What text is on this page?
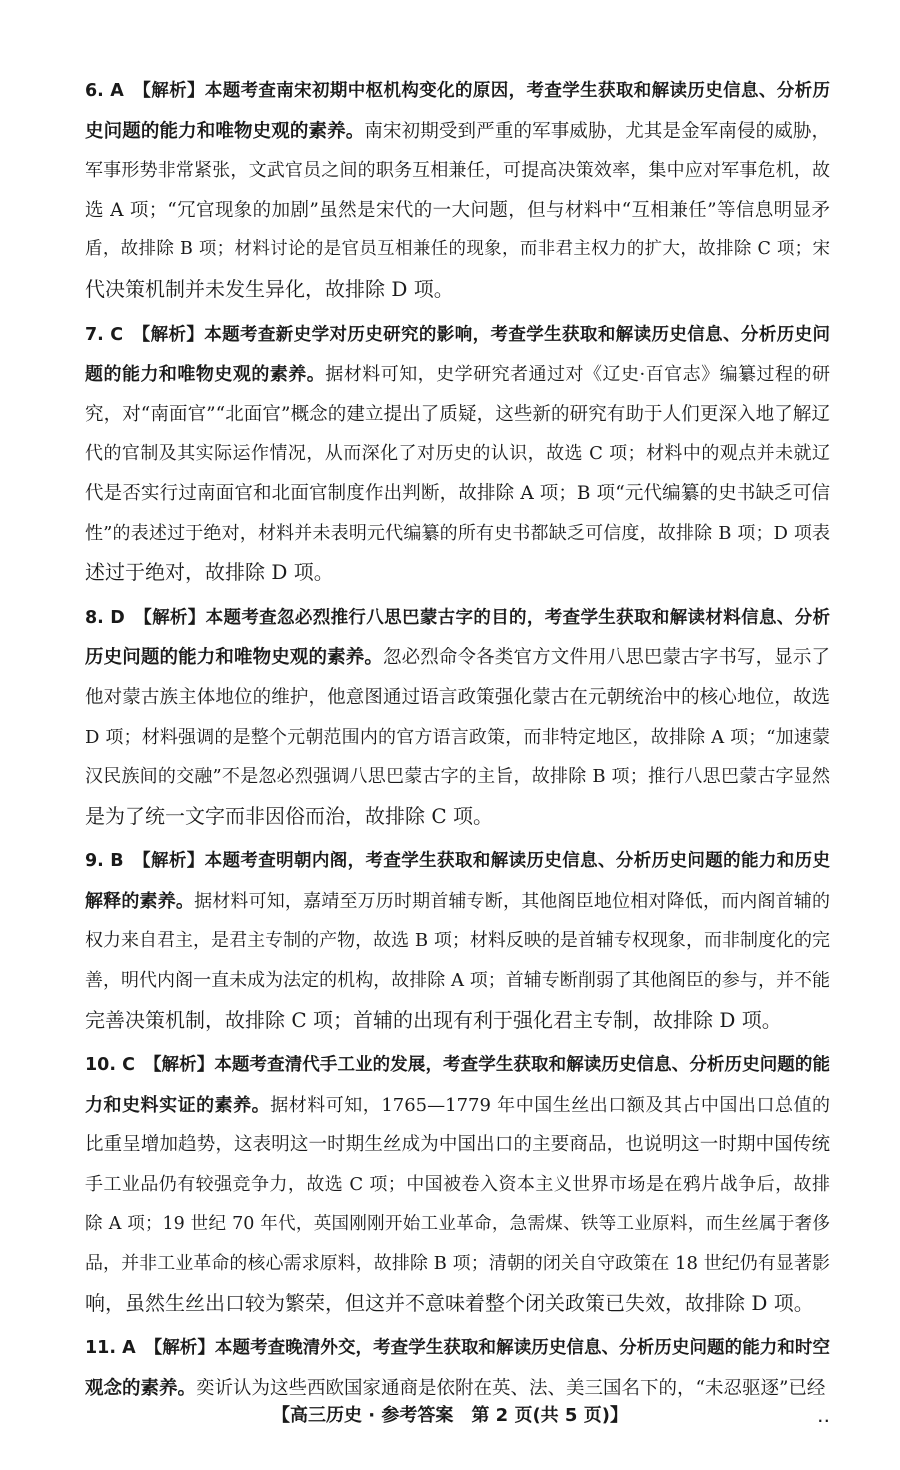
6. A　【解析】本题考查南宋初期中枢机构变化的原因，考查学生获取和解读历史信息、分析历
史问题的能力和唯物史观的素养。南宋初期受到严重的军事威胁，尤其是金军南侵的威胁，
军事形势非常紧张，文武官员之间的职务互相兼任，可提高决策效率，集中应对军事危机，故
选 A 项；“冗官现象的加剧”虽然是宋代的一大问题，但与材料中“互相兼任”等信息明显矛
盾，故排除 B 项；材料讨论的是官员互相兼任的现象，而非君主权力的扩大，故排除 C 项；宋
代决策机制并未发生异化，故排除 D 项。
7. C　【解析】本题考查新史学对历史研究的影响，考查学生获取和解读历史信息、分析历史问
题的能力和唯物史观的素养。据材料可知，史学研究者通过对《辽史·百官志》编纂过程的研
究，对“南面官”“北面官”概念的建立提出了质疑，这些新的研究有助于人们更深入地了解辽
代的官制及其实际运作情况，从而深化了对历史的认识，故选 C 项；材料中的观点并未就辽
代是否实行过南面官和北面官制度作出判断，故排除 A 项；B 项“元代编纂的史书缺乏可信
性”的表述过于绝对，材料并未表明元代编纂的所有史书都缺乏可信度，故排除 B 项；D 项表
述过于绝对，故排除 D 项。
8. D　【解析】本题考查忽必烈推行八思巴蒙古字的目的，考查学生获取和解读材料信息、分析
历史问题的能力和唯物史观的素养。忽必烈命令各类官方文件用八思巴蒙古字书写，显示了
他对蒙古族主体地位的维护，他意图通过语言政策强化蒙古在元朝统治中的核心地位，故选
D 项；材料强调的是整个元朝范围内的官方语言政策，而非特定地区，故排除 A 项；“加速蒙
汉民族间的交融”不是忽必烈强调八思巴蒙古字的主旨，故排除 B 项；推行八思巴蒙古字显然
是为了统一文字而非因俗而治，故排除 C 项。
9. B　【解析】本题考查明朝内阁，考查学生获取和解读历史信息、分析历史问题的能力和历史
解释的素养。据材料可知，嘉靖至万历时期首辅专断，其他阁臣地位相对降低，而内阁首辅的
权力来自君主，是君主专制的产物，故选 B 项；材料反映的是首辅专权现象，而非制度化的完
善，明代内阁一直未成为法定的机构，故排除 A 项；首辅专断削弱了其他阁臣的参与，并不能
完善决策机制，故排除 C 项；首辅的出现有利于强化君主专制，故排除 D 项。
10. C　【解析】本题考查清代手工业的发展，考查学生获取和解读历史信息、分析历史问题的能
力和史料实证的素养。据材料可知，1765—1779 年中国生丝出口额及其占中国出口总值的
比重呈增加趋势，这表明这一时期生丝成为中国出口的主要商品，也说明这一时期中国传统
手工业品仍有较强竞争力，故选 C 项；中国被卷入资本主义世界市场是在鸦片战争后，故排
除 A 项；19 世纪 70 年代，英国刚刚开始工业革命，急需煤、铁等工业原料，而生丝属于奢侈
品，并非工业革命的核心需求原料，故排除 B 项；清朝的闭关自守政策在 18 世纪仍有显著影
响，虽然生丝出口较为繁荣，但这并不意味着整个闭关政策已失效，故排除 D 项。
11. A　【解析】本题考查晚清外交，考查学生获取和解读历史信息、分析历史问题的能力和时空
观念的素养。奕䜣认为这些西欧国家通商是依附在英、法、美三国名下的，“未忍驱逐”已经
【高三历史 · 参考答案　第 2 页(共 5 页)】	..
